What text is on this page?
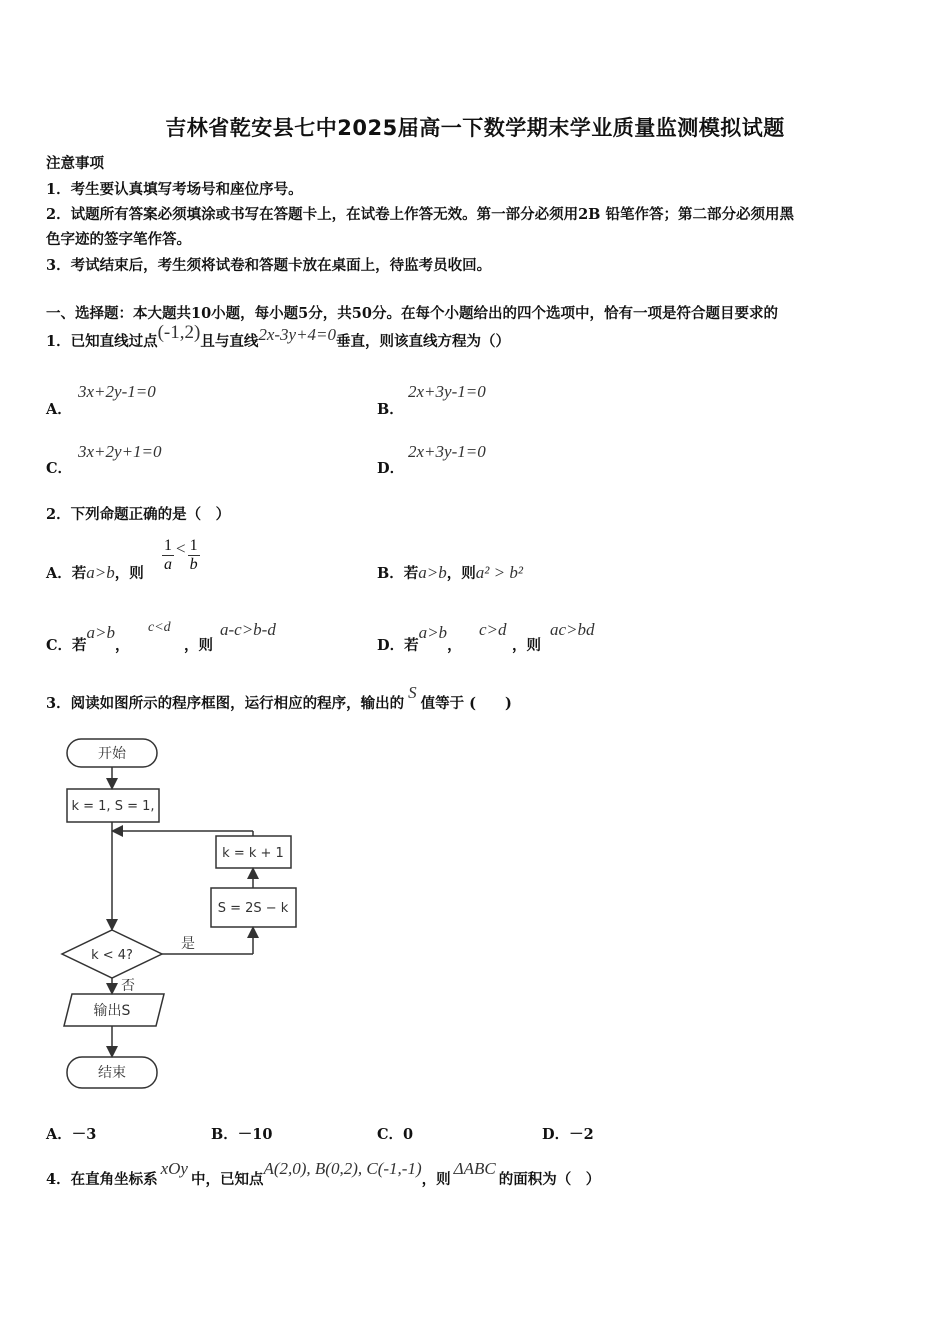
吉林省乾安县七中2025届高一下数学期末学业质量监测模拟试题
注意事项
1．考生要认真填写考场号和座位序号。
2．试题所有答案必须填涂或书写在答题卡上，在试卷上作答无效。第一部分必须用2B 铅笔作答；第二部分必须用黑
色字迹的签字笔作答。
3．考试结束后，考生须将试卷和答题卡放在桌面上，待监考员收回。
一、选择题：本大题共10小题，每小题5分，共50分。在每个小题给出的四个选项中，恰有一项是符合题目要求的
1．已知直线过点(-1,2)且与直线2x-3y+4=0垂直，则该直线方程为（）
A．
3x+2y-1=0
B．
2x+3y-1=0
C．
3x+2y+1=0
D．
2x+3y-1=0
2．下列命题正确的是（　）
A．若a>b，则 $\frac{1}{a} < \frac{1}{b}$	B．若a>b，则a² > b²
C．若a>b，
c<d
，则
a-c>b-d
D．若a>b，
c>d
，则
ac>bd
3．阅读如图所示的程序框图，运行相应的程序，输出的S值等于 (　　)
开始
k = 1, S = 1,
k = k + 1
S = 2S − k
k < 4?
是
否
输出S
结束
A．－3	B．－10	C．0	D．－2
4．在直角坐标系xOy中，已知点A(2,0), B(0,2), C(-1,-1)，则ΔABC的面积为（　）
